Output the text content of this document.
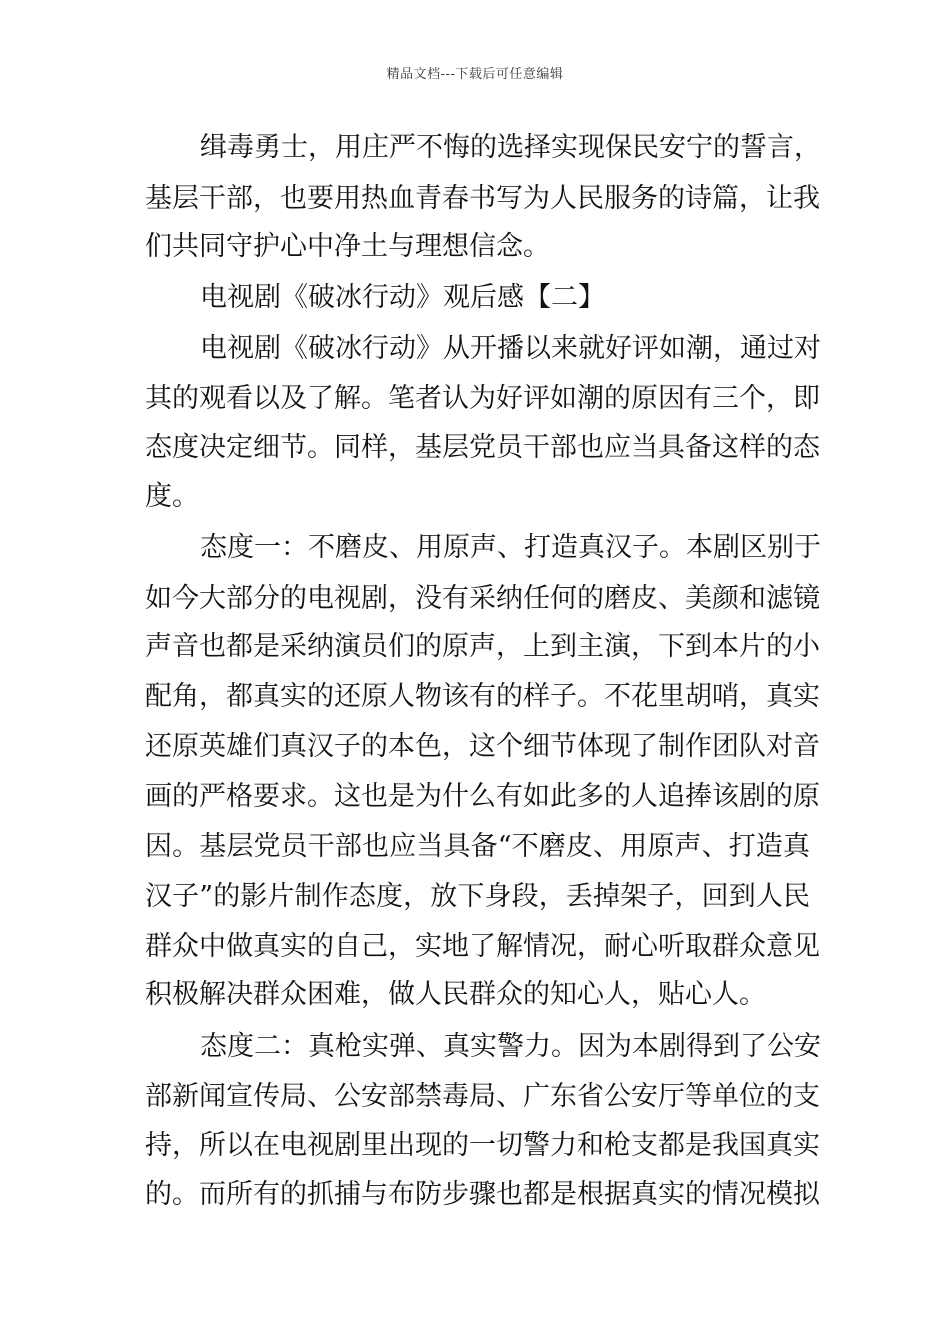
精品文档---下载后可任意编辑
缉毒勇士，用庄严不悔的选择实现保民安宁的誓言，
基层干部，也要用热血青春书写为人民服务的诗篇，让我
们共同守护心中净土与理想信念。
电视剧《破冰行动》观后感【二】
电视剧《破冰行动》从开播以来就好评如潮，通过对
其的观看以及了解。笔者认为好评如潮的原因有三个，即
态度决定细节。同样，基层党员干部也应当具备这样的态
度。
态度一：不磨皮、用原声、打造真汉子。本剧区别于
如今大部分的电视剧，没有采纳任何的磨皮、美颜和滤镜
声音也都是采纳演员们的原声，上到主演，下到本片的小
配角，都真实的还原人物该有的样子。不花里胡哨，真实
还原英雄们真汉子的本色，这个细节体现了制作团队对音
画的严格要求。这也是为什么有如此多的人追捧该剧的原
因。基层党员干部也应当具备“不磨皮、用原声、打造真
汉子”的影片制作态度，放下身段，丢掉架子，回到人民
群众中做真实的自己，实地了解情况，耐心听取群众意见
积极解决群众困难，做人民群众的知心人，贴心人。
态度二：真枪实弹、真实警力。因为本剧得到了公安
部新闻宣传局、公安部禁毒局、广东省公安厅等单位的支
持，所以在电视剧里出现的一切警力和枪支都是我国真实
的。而所有的抓捕与布防步骤也都是根据真实的情况模拟
